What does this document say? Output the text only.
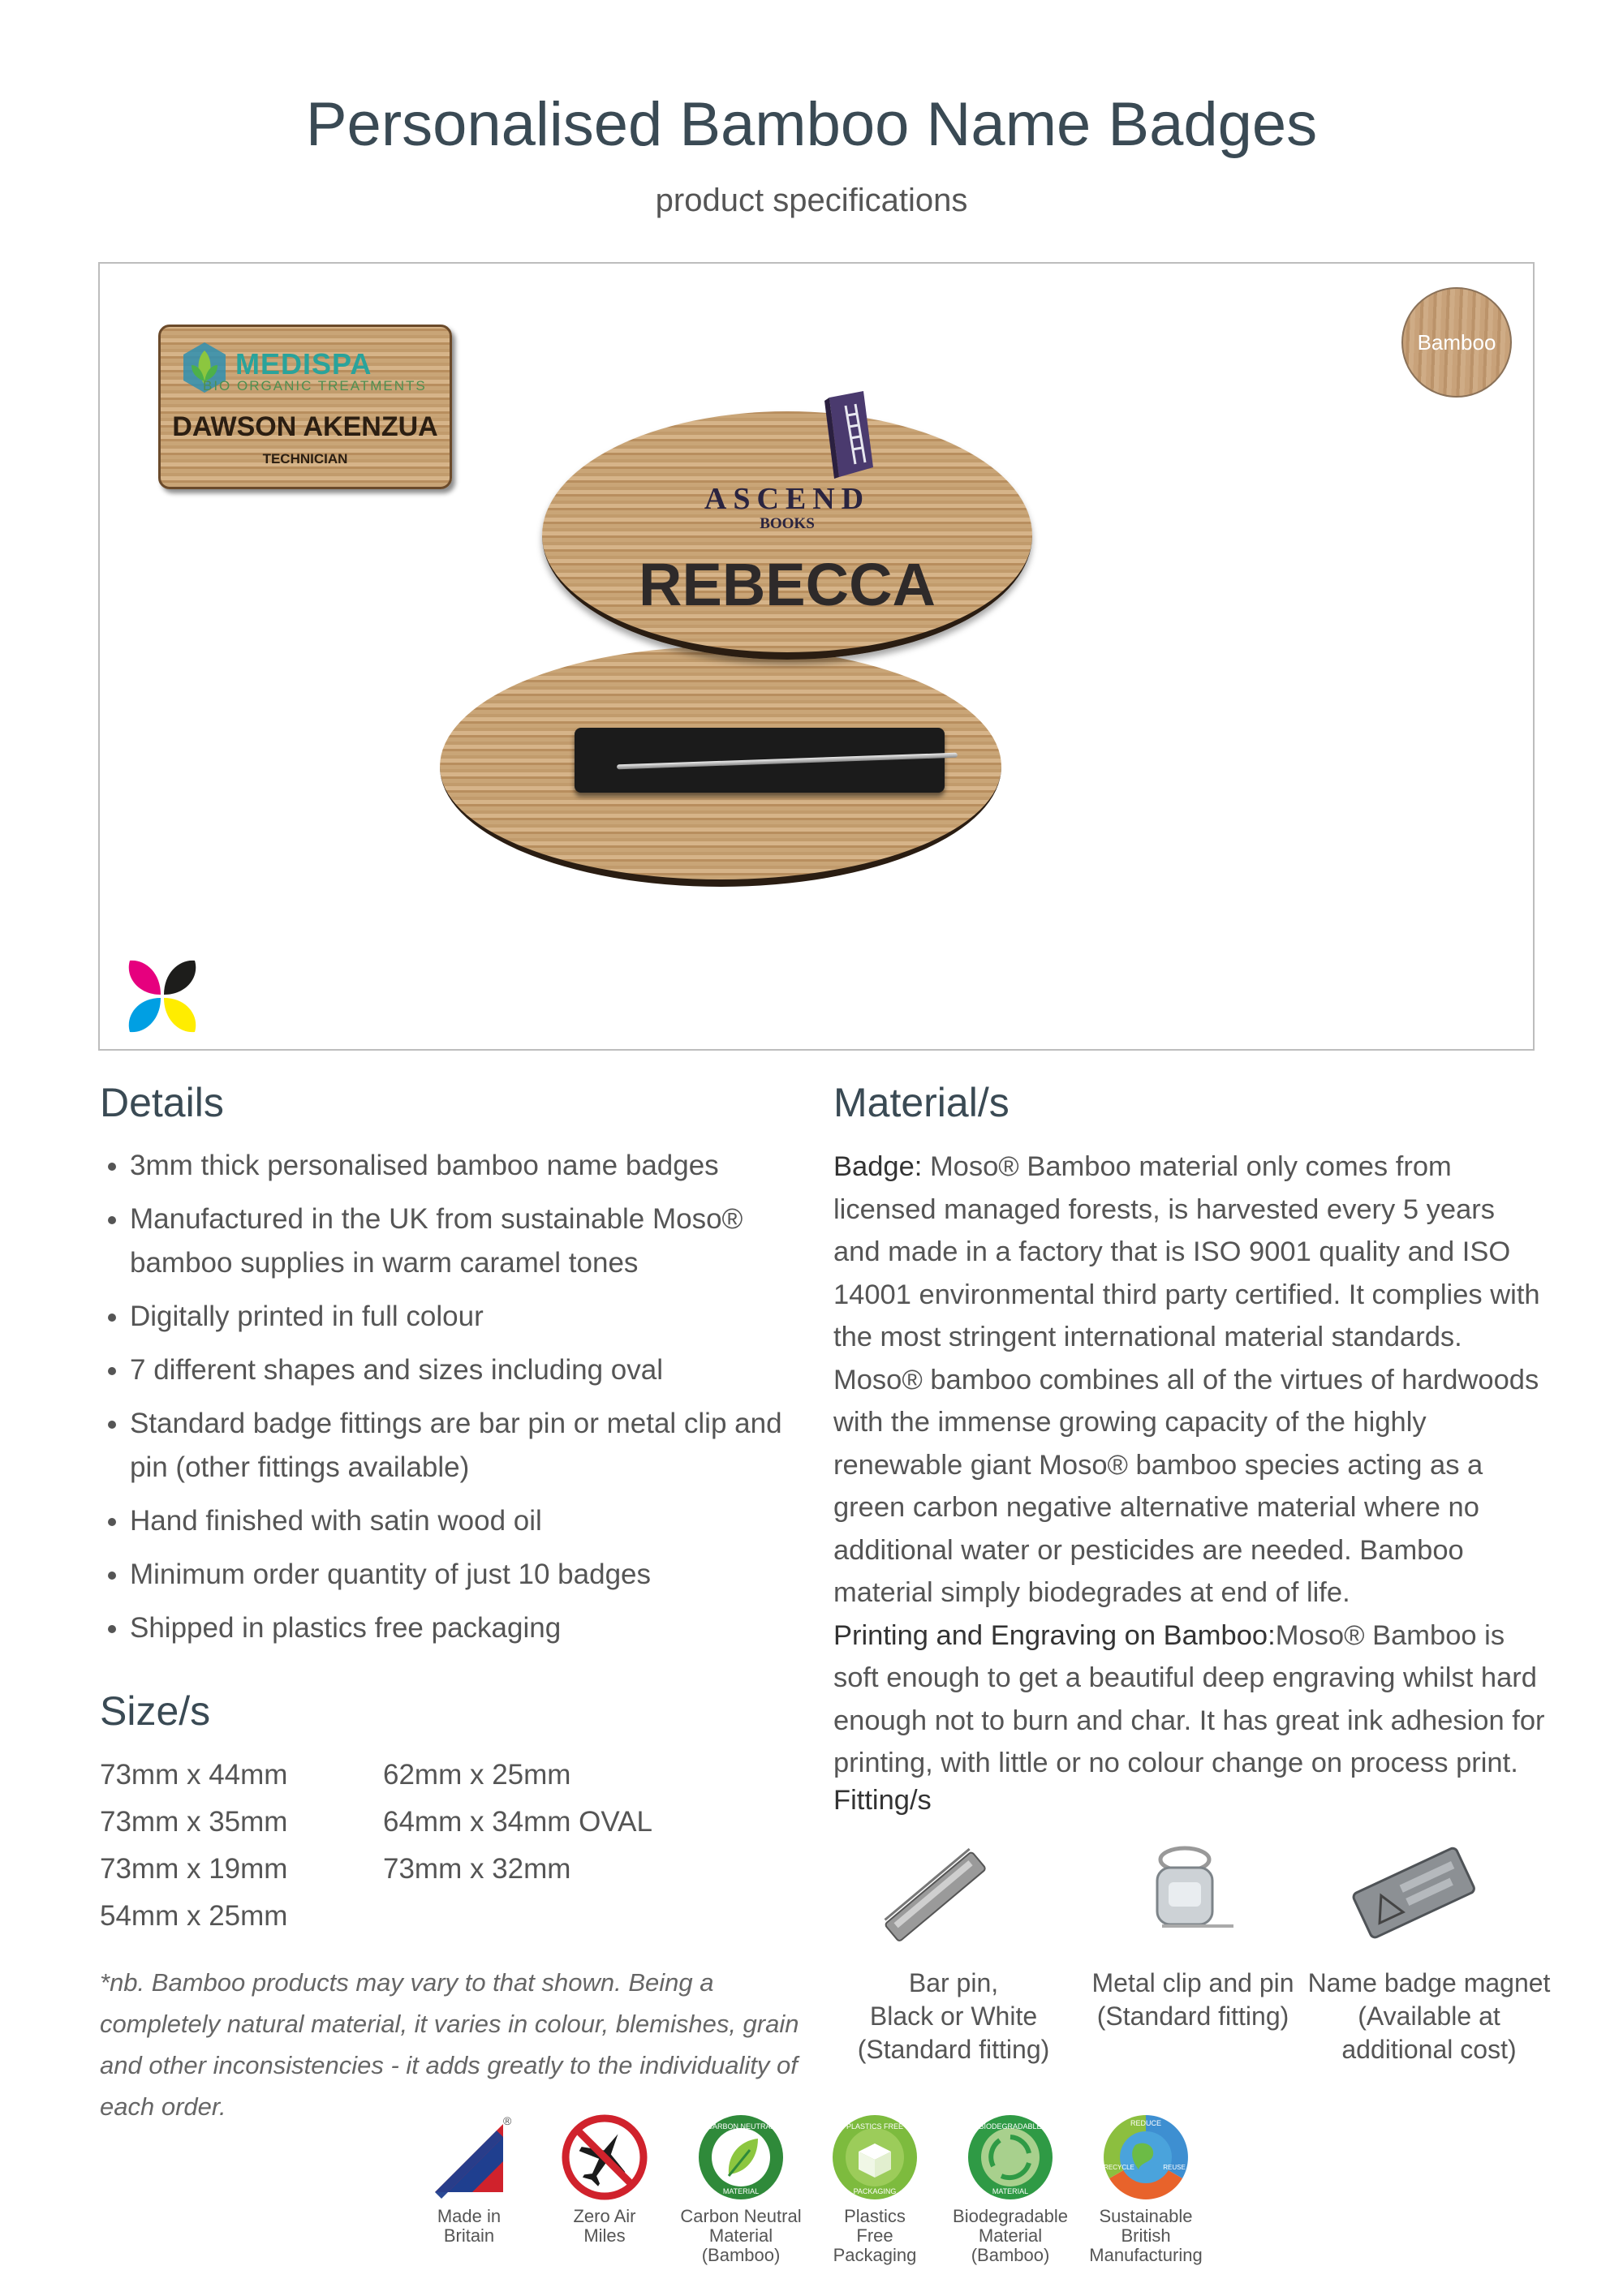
Personalised Bamboo Name Badges
product specifications
Bamboo
MEDISPA
BIO ORGANIC TREATMENTS
DAWSON AKENZUA
TECHNICIAN
ASCEND
BOOKS
REBECCA
Details
• 3mm thick personalised bamboo name badges
• Manufactured in the UK from sustainable Moso® bamboo supplies in warm caramel tones
• Digitally printed in full colour
• 7 different shapes and sizes including oval
• Standard badge fittings are bar pin or metal clip and pin (other fittings available)
• Hand finished with satin wood oil
• Minimum order quantity of just 10 badges
• Shipped in plastics free packaging
Size/s
73mm x 44mm
73mm x 35mm
73mm x 19mm
54mm x 25mm
62mm x 25mm
64mm x 34mm OVAL
73mm x 32mm
*nb. Bamboo products may vary to that shown. Being a completely natural material, it varies in colour, blemishes, grain and other inconsistencies - it adds greatly to the individuality of each order.
Material/s
Badge: Moso® Bamboo material only comes from licensed managed forests, is harvested every 5 years and made in a factory that is ISO 9001 quality and ISO 14001 environmental third party certified. It complies with the most stringent international material standards. Moso® bamboo combines all of the virtues of hardwoods with the immense growing capacity of the highly renewable giant Moso® bamboo species acting as a green carbon negative alternative material where no additional water or pesticides are needed. Bamboo material simply biodegrades at end of life.
Printing and Engraving on Bamboo:Moso® Bamboo is soft enough to get a beautiful deep engraving whilst hard enough not to burn and char. It has great ink adhesion for printing, with little or no colour change on process print.
Fitting/s
Bar pin,
Black or White
(Standard fitting)
Metal clip and pin
(Standard fitting)
Name badge magnet
(Available at
additional cost)
®	CARBON NEUTRAL
MATERIAL
PLASTICS FREE
PACKAGING
BIODEGRADABLE
MATERIAL
REDUCE
RECYCLE	REUSE
Made in
Britain
Zero Air
Miles
Carbon Neutral
Material
(Bamboo)
Plastics
Free
Packaging
Biodegradable
Material
(Bamboo)
Sustainable
British
Manufacturing
